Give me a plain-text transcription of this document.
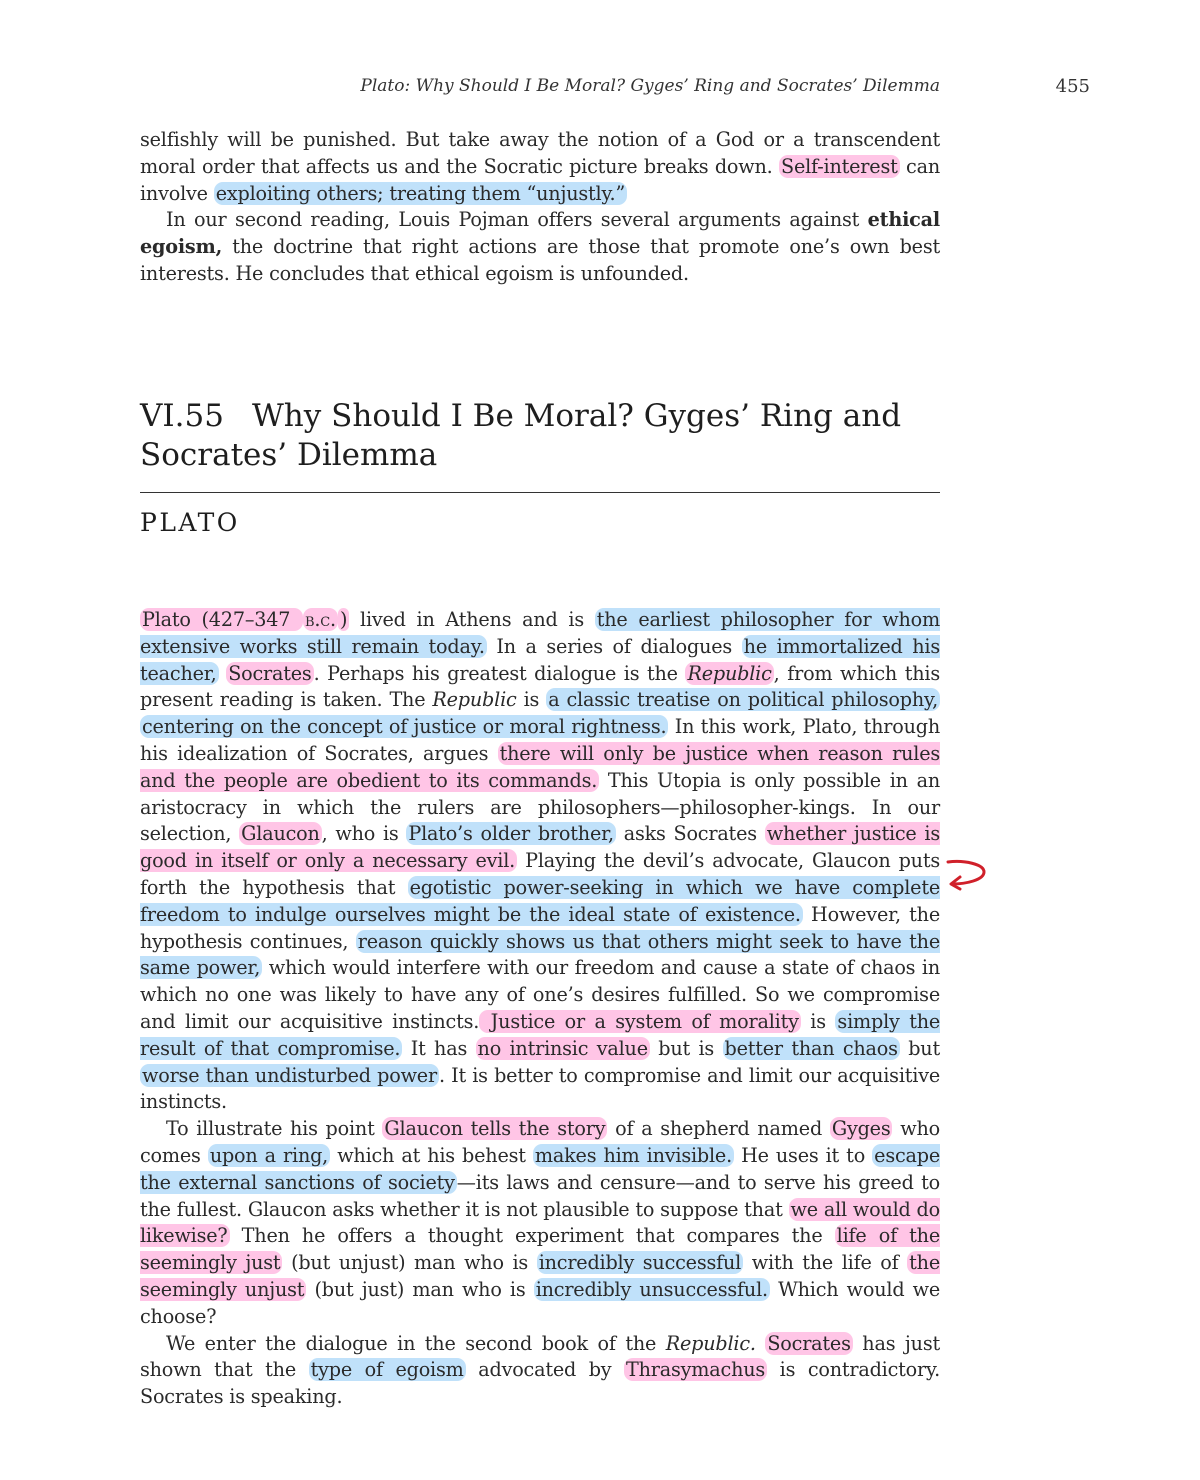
Plato: Why Should I Be Moral? Gyges’ Ring and Socrates’ Dilemma	455

selfishly will be punished. But take away the notion of a God or a transcendent moral order that affects us and the Socratic picture breaks down. Self-interest can involve exploiting others; treating them “unjustly.”

In our second reading, Louis Pojman offers several arguments against ethical egoism, the doctrine that right actions are those that promote one’s own best interests. He concludes that ethical egoism is unfounded.

VI.55 Why Should I Be Moral? Gyges’ Ring and Socrates’ Dilemma
PLATO

Plato (427–347 b.c. ) lived in Athens and is the earliest philosopher for whom extensive works still remain today. In a series of dialogues he immortalized his teacher, Socrates . Perhaps his greatest dialogue is the Republic , from which this present reading is taken. The Republic is a classic treatise on political philosophy, centering on the concept of justice or moral rightness. In this work, Plato, through his idealization of Socrates, argues there will only be justice when reason rules and the people are obedient to its commands. This Utopia is only possible in an aristocracy in which the rulers are philosophers—philosopher-kings. In our selection, Glaucon , who is Plato’s older brother, asks Socrates whether justice is good in itself or only a necessary evil. Playing the devil’s advocate, Glaucon puts forth the hypothesis that egotistic power-seeking in which we have complete freedom to indulge ourselves might be the ideal state of existence. However, the hypothesis continues, reason quickly shows us that others might seek to have the same power, which would interfere with our freedom and cause a state of chaos in which no one was likely to have any of one’s desires fulfilled. So we compromise and limit our acquisitive instincts. Justice or a system of morality is simply the result of that compromise. It has no intrinsic value but is better than chaos but worse than undisturbed power . It is better to compromise and limit our acquisitive instincts.

To illustrate his point Glaucon tells the story of a shepherd named Gyges who comes upon a ring, which at his behest makes him invisible. He uses it to escape the external sanctions of society —its laws and censure—and to serve his greed to the fullest. Glaucon asks whether it is not plausible to suppose that we all would do likewise? Then he offers a thought experiment that compares the life of the seemingly just (but unjust) man who is incredibly successful with the life of the seemingly unjust (but just) man who is incredibly unsuccessful. Which would we choose?

We enter the dialogue in the second book of the Republic. Socrates has just shown that the type of egoism advocated by Thrasymachus is contradictory. Socrates is speaking.
